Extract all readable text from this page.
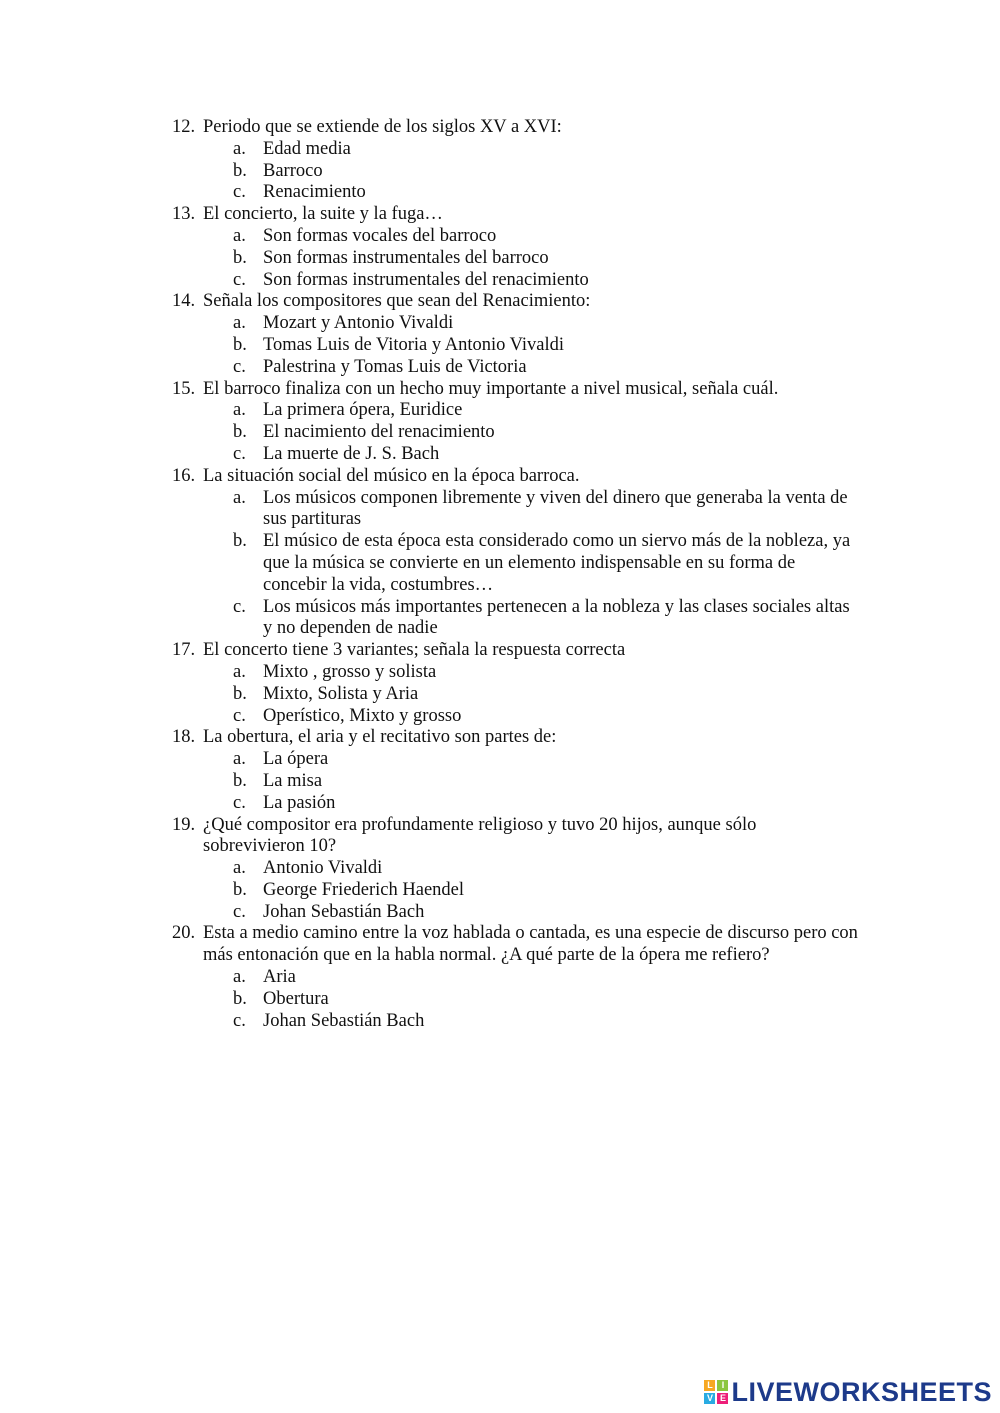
12. Periodo que se extiende de los siglos XV a XVI:
a. Edad media
b. Barroco
c. Renacimiento
13. El concierto, la suite y la fuga…
a. Son formas vocales del barroco
b. Son formas instrumentales del barroco
c. Son formas instrumentales del renacimiento
14. Señala los compositores que sean del Renacimiento:
a. Mozart y Antonio Vivaldi
b. Tomas Luis de Vitoria y Antonio Vivaldi
c. Palestrina y Tomas Luis de Victoria
15. El barroco finaliza con un hecho muy importante a nivel musical, señala cuál.
a. La primera ópera, Euridice
b. El nacimiento del renacimiento
c. La muerte de J. S. Bach
16. La situación social del músico en la época barroca.
a. Los músicos componen libremente y viven del dinero que generaba la venta de sus partituras
b. El músico de esta época esta considerado como un siervo más de la nobleza, ya que la música se convierte en un elemento indispensable en su forma de concebir la vida, costumbres…
c. Los músicos más importantes pertenecen a la nobleza y las clases sociales altas y no dependen de nadie
17. El concerto tiene 3 variantes; señala la respuesta correcta
a. Mixto , grosso y solista
b. Mixto, Solista y Aria
c. Operístico, Mixto y grosso
18. La obertura, el aria y el recitativo son partes de:
a. La ópera
b. La misa
c. La pasión
19. ¿Qué compositor era profundamente religioso y tuvo 20 hijos, aunque sólo sobrevivieron 10?
a. Antonio Vivaldi
b. George Friederich Haendel
c. Johan Sebastián Bach
20. Esta a medio camino entre la voz hablada o cantada, es una especie de discurso pero con más entonación que en la habla normal. ¿A qué parte de la ópera me refiero?
a. Aria
b. Obertura
c. Johan Sebastián Bach
L I
V E LIVEWORKSHEETS
